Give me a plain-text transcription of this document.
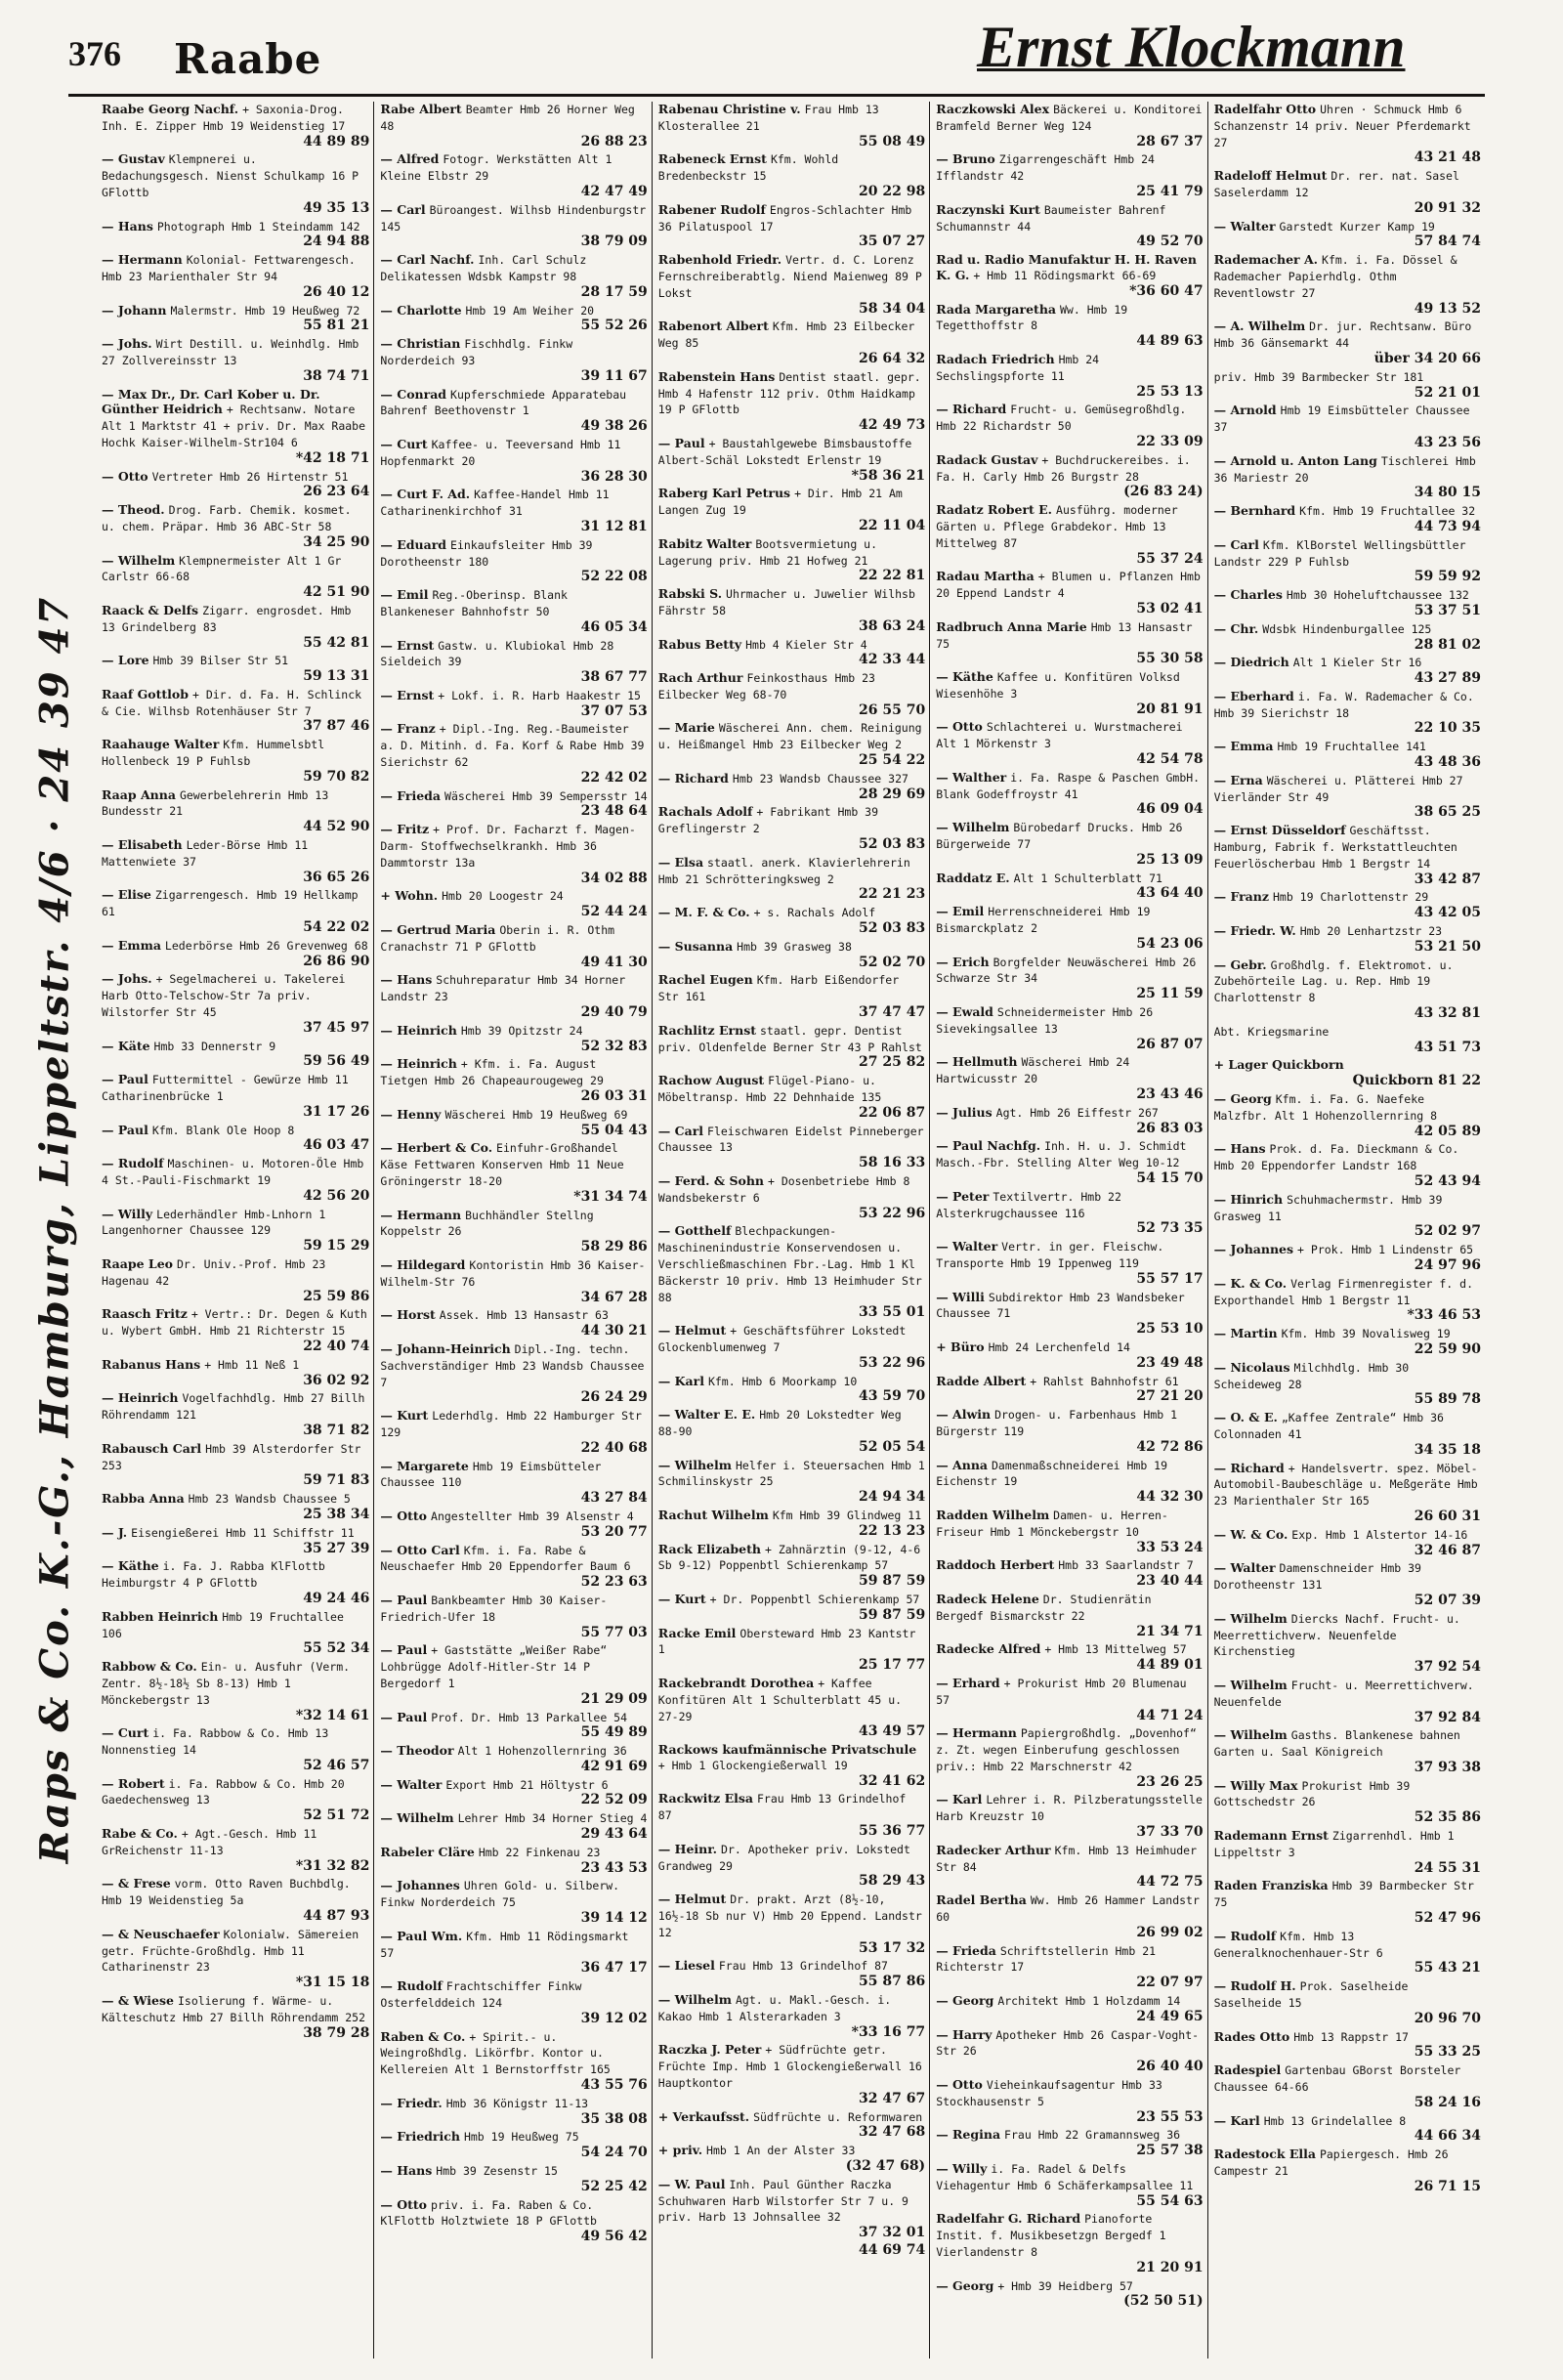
376 Raabe	Ernst Klockmann
Raps & Co. K.-G., Hamburg, Lippeltstr. 4/6 · 24 39 47
Raabe Georg Nachf. + Saxonia-Drog. Inh. E. Zipper Hmb 19 Weidenstieg 17
44 89 89
— Gustav Klempnerei u. Bedachungsgesch. Nienst Schulkamp 16 P GFlottb
49 35 13
— Hans Photograph Hmb 1 Steindamm 142
24 94 88
— Hermann Kolonial- Fettwarengesch. Hmb 23 Marienthaler Str 94
26 40 12
— Johann Malermstr. Hmb 19 Heußweg 72
55 81 21
— Johs. Wirt Destill. u. Weinhdlg. Hmb 27 Zollvereinsstr 13
38 74 71
— Max Dr., Dr. Carl Kober u. Dr. Günther Heidrich + Rechtsanw. Notare Alt 1 Marktstr 41 + priv. Dr. Max Raabe Hochk Kaiser-Wilhelm-Str104 6
*42 18 71
— Otto Vertreter Hmb 26 Hirtenstr 51
26 23 64
— Theod. Drog. Farb. Chemik. kosmet. u. chem. Präpar. Hmb 36 ABC-Str 58
34 25 90
— Wilhelm Klempnermeister Alt 1 Gr Carlstr 66-68
42 51 90
Raack & Delfs Zigarr. engrosdet. Hmb 13 Grindelberg 83
55 42 81
— Lore Hmb 39 Bilser Str 51
59 13 31
Raaf Gottlob + Dir. d. Fa. H. Schlinck & Cie. Wilhsb Rotenhäuser Str 7
37 87 46
Raahauge Walter Kfm. Hummelsbtl Hollenbeck 19 P Fuhlsb
59 70 82
Raap Anna Gewerbelehrerin Hmb 13 Bundesstr 21
44 52 90
— Elisabeth Leder-Börse Hmb 11 Mattenwiete 37
36 65 26
— Elise Zigarrengesch. Hmb 19 Hellkamp 61
54 22 02
— Emma Lederbörse Hmb 26 Grevenweg 68
26 86 90
— Johs. + Segelmacherei u. Takelerei Harb Otto-Telschow-Str 7a priv. Wilstorfer Str 45
37 45 97
— Käte Hmb 33 Dennerstr 9
59 56 49
— Paul Futtermittel - Gewürze Hmb 11 Catharinenbrücke 1
31 17 26
— Paul Kfm. Blank Ole Hoop 8
46 03 47
— Rudolf Maschinen- u. Motoren-Öle Hmb 4 St.-Pauli-Fischmarkt 19
42 56 20
— Willy Lederhändler Hmb-Lnhorn 1 Langenhorner Chaussee 129
59 15 29
Raape Leo Dr. Univ.-Prof. Hmb 23 Hagenau 42
25 59 86
Raasch Fritz + Vertr.: Dr. Degen & Kuth u. Wybert GmbH. Hmb 21 Richterstr 15
22 40 74
Rabanus Hans + Hmb 11 Neß 1
36 02 92
— Heinrich Vogelfachhdlg. Hmb 27 Billh Röhrendamm 121
38 71 82
Rabausch Carl Hmb 39 Alsterdorfer Str 253
59 71 83
Rabba Anna Hmb 23 Wandsb Chaussee 5
25 38 34
— J. Eisengießerei Hmb 11 Schiffstr 11
35 27 39
— Käthe i. Fa. J. Rabba KlFlottb Heimburgstr 4 P GFlottb
49 24 46
Rabben Heinrich Hmb 19 Fruchtallee 106
55 52 34
Rabbow & Co. Ein- u. Ausfuhr (Verm. Zentr. 8½-18½ Sb 8-13) Hmb 1 Mönckebergstr 13
*32 14 61
— Curt i. Fa. Rabbow & Co. Hmb 13 Nonnenstieg 14
52 46 57
— Robert i. Fa. Rabbow & Co. Hmb 20 Gaedechensweg 13
52 51 72
Rabe & Co. + Agt.-Gesch. Hmb 11 GrReichenstr 11-13
*31 32 82
— & Frese vorm. Otto Raven Buchbdlg. Hmb 19 Weidenstieg 5a
44 87 93
— & Neuschaefer Kolonialw. Sämereien getr. Früchte-Großhdlg. Hmb 11 Catharinenstr 23
*31 15 18
— & Wiese Isolierung f. Wärme- u. Kälteschutz Hmb 27 Billh Röhrendamm 252
38 79 28
Rabe Albert Beamter Hmb 26 Horner Weg 48
26 88 23
— Alfred Fotogr. Werkstätten Alt 1 Kleine Elbstr 29
42 47 49
— Carl Büroangest. Wilhsb Hindenburgstr 145
38 79 09
— Carl Nachf. Inh. Carl Schulz Delikatessen Wdsbk Kampstr 98
28 17 59
— Charlotte Hmb 19 Am Weiher 20
55 52 26
— Christian Fischhdlg. Finkw Norderdeich 93
39 11 67
— Conrad Kupferschmiede Apparatebau Bahrenf Beethovenstr 1
49 38 26
— Curt Kaffee- u. Teeversand Hmb 11 Hopfenmarkt 20
36 28 30
— Curt F. Ad. Kaffee-Handel Hmb 11 Catharinenkirchhof 31
31 12 81
— Eduard Einkaufsleiter Hmb 39 Dorotheenstr 180
52 22 08
— Emil Reg.-Oberinsp. Blank Blankeneser Bahnhofstr 50
46 05 34
— Ernst Gastw. u. Klubiokal Hmb 28 Sieldeich 39
38 67 77
— Ernst + Lokf. i. R. Harb Haakestr 15
37 07 53
— Franz + Dipl.-Ing. Reg.-Baumeister a. D. Mitinh. d. Fa. Korf & Rabe Hmb 39 Sierichstr 62
22 42 02
— Frieda Wäscherei Hmb 39 Sempersstr 14
23 48 64
— Fritz + Prof. Dr. Facharzt f. Magen- Darm- Stoffwechselkrankh. Hmb 36 Dammtorstr 13a
34 02 88
+ Wohn. Hmb 20 Loogestr 24
52 44 24
— Gertrud Maria Oberin i. R. Othm Cranachstr 71 P GFlottb
49 41 30
— Hans Schuhreparatur Hmb 34 Horner Landstr 23
29 40 79
— Heinrich Hmb 39 Opitzstr 24
52 32 83
— Heinrich + Kfm. i. Fa. August Tietgen Hmb 26 Chapeaurougeweg 29
26 03 31
— Henny Wäscherei Hmb 19 Heußweg 69
55 04 43
— Herbert & Co. Einfuhr-Großhandel Käse Fettwaren Konserven Hmb 11 Neue Gröningerstr 18-20
*31 34 74
— Hermann Buchhändler Stellng Koppelstr 26
58 29 86
— Hildegard Kontoristin Hmb 36 Kaiser-Wilhelm-Str 76
34 67 28
— Horst Assek. Hmb 13 Hansastr 63
44 30 21
— Johann-Heinrich Dipl.-Ing. techn. Sachverständiger Hmb 23 Wandsb Chaussee 7
26 24 29
— Kurt Lederhdlg. Hmb 22 Hamburger Str 129
22 40 68
— Margarete Hmb 19 Eimsbütteler Chaussee 110
43 27 84
— Otto Angestellter Hmb 39 Alsenstr 4
53 20 77
— Otto Carl Kfm. i. Fa. Rabe & Neuschaefer Hmb 20 Eppendorfer Baum 6
52 23 63
— Paul Bankbeamter Hmb 30 Kaiser-Friedrich-Ufer 18
55 77 03
— Paul + Gaststätte „Weißer Rabe“ Lohbrügge Adolf-Hitler-Str 14 P Bergedorf 1
21 29 09
— Paul Prof. Dr. Hmb 13 Parkallee 54
55 49 89
— Theodor Alt 1 Hohenzollernring 36
42 91 69
— Walter Export Hmb 21 Höltystr 6
22 52 09
— Wilhelm Lehrer Hmb 34 Horner Stieg 4
29 43 64
Rabeler Cläre Hmb 22 Finkenau 23
23 43 53
— Johannes Uhren Gold- u. Silberw. Finkw Norderdeich 75
39 14 12
— Paul Wm. Kfm. Hmb 11 Rödingsmarkt 57
36 47 17
— Rudolf Frachtschiffer Finkw Osterfelddeich 124
39 12 02
Raben & Co. + Spirit.- u. Weingroßhdlg. Likörfbr. Kontor u. Kellereien Alt 1 Bernstorffstr 165
43 55 76
— Friedr. Hmb 36 Königstr 11-13
35 38 08
— Friedrich Hmb 19 Heußweg 75
54 24 70
— Hans Hmb 39 Zesenstr 15
52 25 42
— Otto priv. i. Fa. Raben & Co. KlFlottb Holztwiete 18 P GFlottb
49 56 42
Rabenau Christine v. Frau Hmb 13 Klosterallee 21
55 08 49
Rabeneck Ernst Kfm. Wohld Bredenbeckstr 15
20 22 98
Rabener Rudolf Engros-Schlachter Hmb 36 Pilatuspool 17
35 07 27
Rabenhold Friedr. Vertr. d. C. Lorenz Fernschreiberabtlg. Niend Maienweg 89 P Lokst
58 34 04
Rabenort Albert Kfm. Hmb 23 Eilbecker Weg 85
26 64 32
Rabenstein Hans Dentist staatl. gepr. Hmb 4 Hafenstr 112 priv. Othm Haidkamp 19 P GFlottb
42 49 73
— Paul + Baustahlgewebe Bimsbaustoffe Albert-Schäl Lokstedt Erlenstr 19
*58 36 21
Raberg Karl Petrus + Dir. Hmb 21 Am Langen Zug 19
22 11 04
Rabitz Walter Bootsvermietung u. Lagerung priv. Hmb 21 Hofweg 21
22 22 81
Rabski S. Uhrmacher u. Juwelier Wilhsb Fährstr 58
38 63 24
Rabus Betty Hmb 4 Kieler Str 4
42 33 44
Rach Arthur Feinkosthaus Hmb 23 Eilbecker Weg 68-70
26 55 70
— Marie Wäscherei Ann. chem. Reinigung u. Heißmangel Hmb 23 Eilbecker Weg 2
25 54 22
— Richard Hmb 23 Wandsb Chaussee 327
28 29 69
Rachals Adolf + Fabrikant Hmb 39 Greflingerstr 2
52 03 83
— Elsa staatl. anerk. Klavierlehrerin Hmb 21 Schrötteringksweg 2
22 21 23
— M. F. & Co. + s. Rachals Adolf
52 03 83
— Susanna Hmb 39 Grasweg 38
52 02 70
Rachel Eugen Kfm. Harb Eißendorfer Str 161
37 47 47
Rachlitz Ernst staatl. gepr. Dentist priv. Oldenfelde Berner Str 43 P Rahlst
27 25 82
Rachow August Flügel-Piano- u. Möbeltransp. Hmb 22 Dehnhaide 135
22 06 87
— Carl Fleischwaren Eidelst Pinneberger Chaussee 13
58 16 33
— Ferd. & Sohn + Dosenbetriebe Hmb 8 Wandsbekerstr 6
53 22 96
— Gotthelf Blechpackungen- Maschinenindustrie Konservendosen u. Verschließmaschinen Fbr.-Lag. Hmb 1 Kl Bäckerstr 10 priv. Hmb 13 Heimhuder Str 88
33 55 01
— Helmut + Geschäftsführer Lokstedt Glockenblumenweg 7
53 22 96
— Karl Kfm. Hmb 6 Moorkamp 10
43 59 70
— Walter E. E. Hmb 20 Lokstedter Weg 88-90
52 05 54
— Wilhelm Helfer i. Steuersachen Hmb 1 Schmilinskystr 25
24 94 34
Rachut Wilhelm Kfm Hmb 39 Glindweg 11
22 13 23
Rack Elizabeth + Zahnärztin (9-12, 4-6 Sb 9-12) Poppenbtl Schierenkamp 57
59 87 59
— Kurt + Dr. Poppenbtl Schierenkamp 57
59 87 59
Racke Emil Obersteward Hmb 23 Kantstr 1
25 17 77
Rackebrandt Dorothea + Kaffee Konfitüren Alt 1 Schulterblatt 45 u. 27-29
43 49 57
Rackows kaufmännische Privatschule + Hmb 1 Glockengießerwall 19
32 41 62
Rackwitz Elsa Frau Hmb 13 Grindelhof 87
55 36 77
— Heinr. Dr. Apotheker priv. Lokstedt Grandweg 29
58 29 43
— Helmut Dr. prakt. Arzt (8½-10, 16½-18 Sb nur V) Hmb 20 Eppend. Landstr 12
53 17 32
— Liesel Frau Hmb 13 Grindelhof 87
55 87 86
— Wilhelm Agt. u. Makl.-Gesch. i. Kakao Hmb 1 Alsterarkaden 3
*33 16 77
Raczka J. Peter + Südfrüchte getr. Früchte Imp. Hmb 1 Glockengießerwall 16 Hauptkontor
32 47 67
+ Verkaufsst. Südfrüchte u. Reformwaren
32 47 68
+ priv. Hmb 1 An der Alster 33
(32 47 68)
— W. Paul Inh. Paul Günther Raczka Schuhwaren Harb Wilstorfer Str 7 u. 9 priv. Harb 13 Johnsallee 32
37 32 01
44 69 74
Raczkowski Alex Bäckerei u. Konditorei Bramfeld Berner Weg 124
28 67 37
— Bruno Zigarrengeschäft Hmb 24 Ifflandstr 42
25 41 79
Raczynski Kurt Baumeister Bahrenf Schumannstr 44
49 52 70
Rad u. Radio Manufaktur H. H. Raven K. G. + Hmb 11 Rödingsmarkt 66-69
*36 60 47
Rada Margaretha Ww. Hmb 19 Tegetthoffstr 8
44 89 63
Radach Friedrich Hmb 24 Sechslingspforte 11
25 53 13
— Richard Frucht- u. Gemüsegroßhdlg. Hmb 22 Richardstr 50
22 33 09
Radack Gustav + Buchdruckereibes. i. Fa. H. Carly Hmb 26 Burgstr 28
(26 83 24)
Radatz Robert E. Ausführg. moderner Gärten u. Pflege Grabdekor. Hmb 13 Mittelweg 87
55 37 24
Radau Martha + Blumen u. Pflanzen Hmb 20 Eppend Landstr 4
53 02 41
Radbruch Anna Marie Hmb 13 Hansastr 75
55 30 58
— Käthe Kaffee u. Konfitüren Volksd Wiesenhöhe 3
20 81 91
— Otto Schlachterei u. Wurstmacherei Alt 1 Mörkenstr 3
42 54 78
— Walther i. Fa. Raspe & Paschen GmbH. Blank Godeffroystr 41
46 09 04
— Wilhelm Bürobedarf Drucks. Hmb 26 Bürgerweide 77
25 13 09
Raddatz E. Alt 1 Schulterblatt 71
43 64 40
— Emil Herrenschneiderei Hmb 19 Bismarckplatz 2
54 23 06
— Erich Borgfelder Neuwäscherei Hmb 26 Schwarze Str 34
25 11 59
— Ewald Schneidermeister Hmb 26 Sievekingsallee 13
26 87 07
— Hellmuth Wäscherei Hmb 24 Hartwicusstr 20
23 43 46
— Julius Agt. Hmb 26 Eiffestr 267
26 83 03
— Paul Nachfg. Inh. H. u. J. Schmidt Masch.-Fbr. Stelling Alter Weg 10-12
54 15 70
— Peter Textilvertr. Hmb 22 Alsterkrugchaussee 116
52 73 35
— Walter Vertr. in ger. Fleischw. Transporte Hmb 19 Ippenweg 119
55 57 17
— Willi Subdirektor Hmb 23 Wandsbeker Chaussee 71
25 53 10
+ Büro Hmb 24 Lerchenfeld 14
23 49 48
Radde Albert + Rahlst Bahnhofstr 61
27 21 20
— Alwin Drogen- u. Farbenhaus Hmb 1 Bürgerstr 119
42 72 86
— Anna Damenmaßschneiderei Hmb 19 Eichenstr 19
44 32 30
Radden Wilhelm Damen- u. Herren-Friseur Hmb 1 Mönckebergstr 10
33 53 24
Raddoch Herbert Hmb 33 Saarlandstr 7
23 40 44
Radeck Helene Dr. Studienrätin Bergedf Bismarckstr 22
21 34 71
Radecke Alfred + Hmb 13 Mittelweg 57
44 89 01
— Erhard + Prokurist Hmb 20 Blumenau 57
44 71 24
— Hermann Papiergroßhdlg. „Dovenhof“ z. Zt. wegen Einberufung geschlossen priv.: Hmb 22 Marschnerstr 42
23 26 25
— Karl Lehrer i. R. Pilzberatungsstelle Harb Kreuzstr 10
37 33 70
Radecker Arthur Kfm. Hmb 13 Heimhuder Str 84
44 72 75
Radel Bertha Ww. Hmb 26 Hammer Landstr 60
26 99 02
— Frieda Schriftstellerin Hmb 21 Richterstr 17
22 07 97
— Georg Architekt Hmb 1 Holzdamm 14
24 49 65
— Harry Apotheker Hmb 26 Caspar-Voght-Str 26
26 40 40
— Otto Vieheinkaufsagentur Hmb 33 Stockhausenstr 5
23 55 53
— Regina Frau Hmb 22 Gramannsweg 36
25 57 38
— Willy i. Fa. Radel & Delfs Viehagentur Hmb 6 Schäferkampsallee 11
55 54 63
Radelfahr G. Richard Pianoforte Instit. f. Musikbesetzgn Bergedf 1 Vierlandenstr 8
21 20 91
— Georg + Hmb 39 Heidberg 57
(52 50 51)
Radelfahr Otto Uhren · Schmuck Hmb 6 Schanzenstr 14 priv. Neuer Pferdemarkt 27
43 21 48
Radeloff Helmut Dr. rer. nat. Sasel Saselerdamm 12
20 91 32
— Walter Garstedt Kurzer Kamp 19
57 84 74
Rademacher A. Kfm. i. Fa. Dössel & Rademacher Papierhdlg. Othm Reventlowstr 27
49 13 52
— A. Wilhelm Dr. jur. Rechtsanw. Büro Hmb 36 Gänsemarkt 44
über 34 20 66
priv. Hmb 39 Barmbecker Str 181
52 21 01
— Arnold Hmb 19 Eimsbütteler Chaussee 37
43 23 56
— Arnold u. Anton Lang Tischlerei Hmb 36 Mariestr 20
34 80 15
— Bernhard Kfm. Hmb 19 Fruchtallee 32
44 73 94
— Carl Kfm. KlBorstel Wellingsbüttler Landstr 229 P Fuhlsb
59 59 92
— Charles Hmb 30 Hoheluftchaussee 132
53 37 51
— Chr. Wdsbk Hindenburgallee 125
28 81 02
— Diedrich Alt 1 Kieler Str 16
43 27 89
— Eberhard i. Fa. W. Rademacher & Co. Hmb 39 Sierichstr 18
22 10 35
— Emma Hmb 19 Fruchtallee 141
43 48 36
— Erna Wäscherei u. Plätterei Hmb 27 Vierländer Str 49
38 65 25
— Ernst Düsseldorf Geschäftsst. Hamburg, Fabrik f. Werkstattleuchten Feuerlöscherbau Hmb 1 Bergstr 14
33 42 87
— Franz Hmb 19 Charlottenstr 29
43 42 05
— Friedr. W. Hmb 20 Lenhartzstr 23
53 21 50
— Gebr. Großhdlg. f. Elektromot. u. Zubehörteile Lag. u. Rep. Hmb 19 Charlottenstr 8
43 32 81
Abt. Kriegsmarine
43 51 73
+ Lager Quickborn
Quickborn 81 22
— Georg Kfm. i. Fa. G. Naefeke Malzfbr. Alt 1 Hohenzollernring 8
42 05 89
— Hans Prok. d. Fa. Dieckmann & Co. Hmb 20 Eppendorfer Landstr 168
52 43 94
— Hinrich Schuhmachermstr. Hmb 39 Grasweg 11
52 02 97
— Johannes + Prok. Hmb 1 Lindenstr 65
24 97 96
— K. & Co. Verlag Firmenregister f. d. Exporthandel Hmb 1 Bergstr 11
*33 46 53
— Martin Kfm. Hmb 39 Novalisweg 19
22 59 90
— Nicolaus Milchhdlg. Hmb 30 Scheideweg 28
55 89 78
— O. & E. „Kaffee Zentrale“ Hmb 36 Colonnaden 41
34 35 18
— Richard + Handelsvertr. spez. Möbel- Automobil-Baubeschläge u. Meßgeräte Hmb 23 Marienthaler Str 165
26 60 31
— W. & Co. Exp. Hmb 1 Alstertor 14-16
32 46 87
— Walter Damenschneider Hmb 39 Dorotheenstr 131
52 07 39
— Wilhelm Diercks Nachf. Frucht- u. Meerrettichverw. Neuenfelde Kirchenstieg
37 92 54
— Wilhelm Frucht- u. Meerrettichverw. Neuenfelde
37 92 84
— Wilhelm Gasths. Blankenese bahnen Garten u. Saal Königreich
37 93 38
— Willy Max Prokurist Hmb 39 Gottschedstr 26
52 35 86
Rademann Ernst Zigarrenhdl. Hmb 1 Lippeltstr 3
24 55 31
Raden Franziska Hmb 39 Barmbecker Str 75
52 47 96
— Rudolf Kfm. Hmb 13 Generalknochenhauer-Str 6
55 43 21
— Rudolf H. Prok. Saselheide Saselheide 15
20 96 70
Rades Otto Hmb 13 Rappstr 17
55 33 25
Radespiel Gartenbau GBorst Borsteler Chaussee 64-66
58 24 16
— Karl Hmb 13 Grindelallee 8
44 66 34
Radestock Ella Papiergesch. Hmb 26 Campestr 21
26 71 15
